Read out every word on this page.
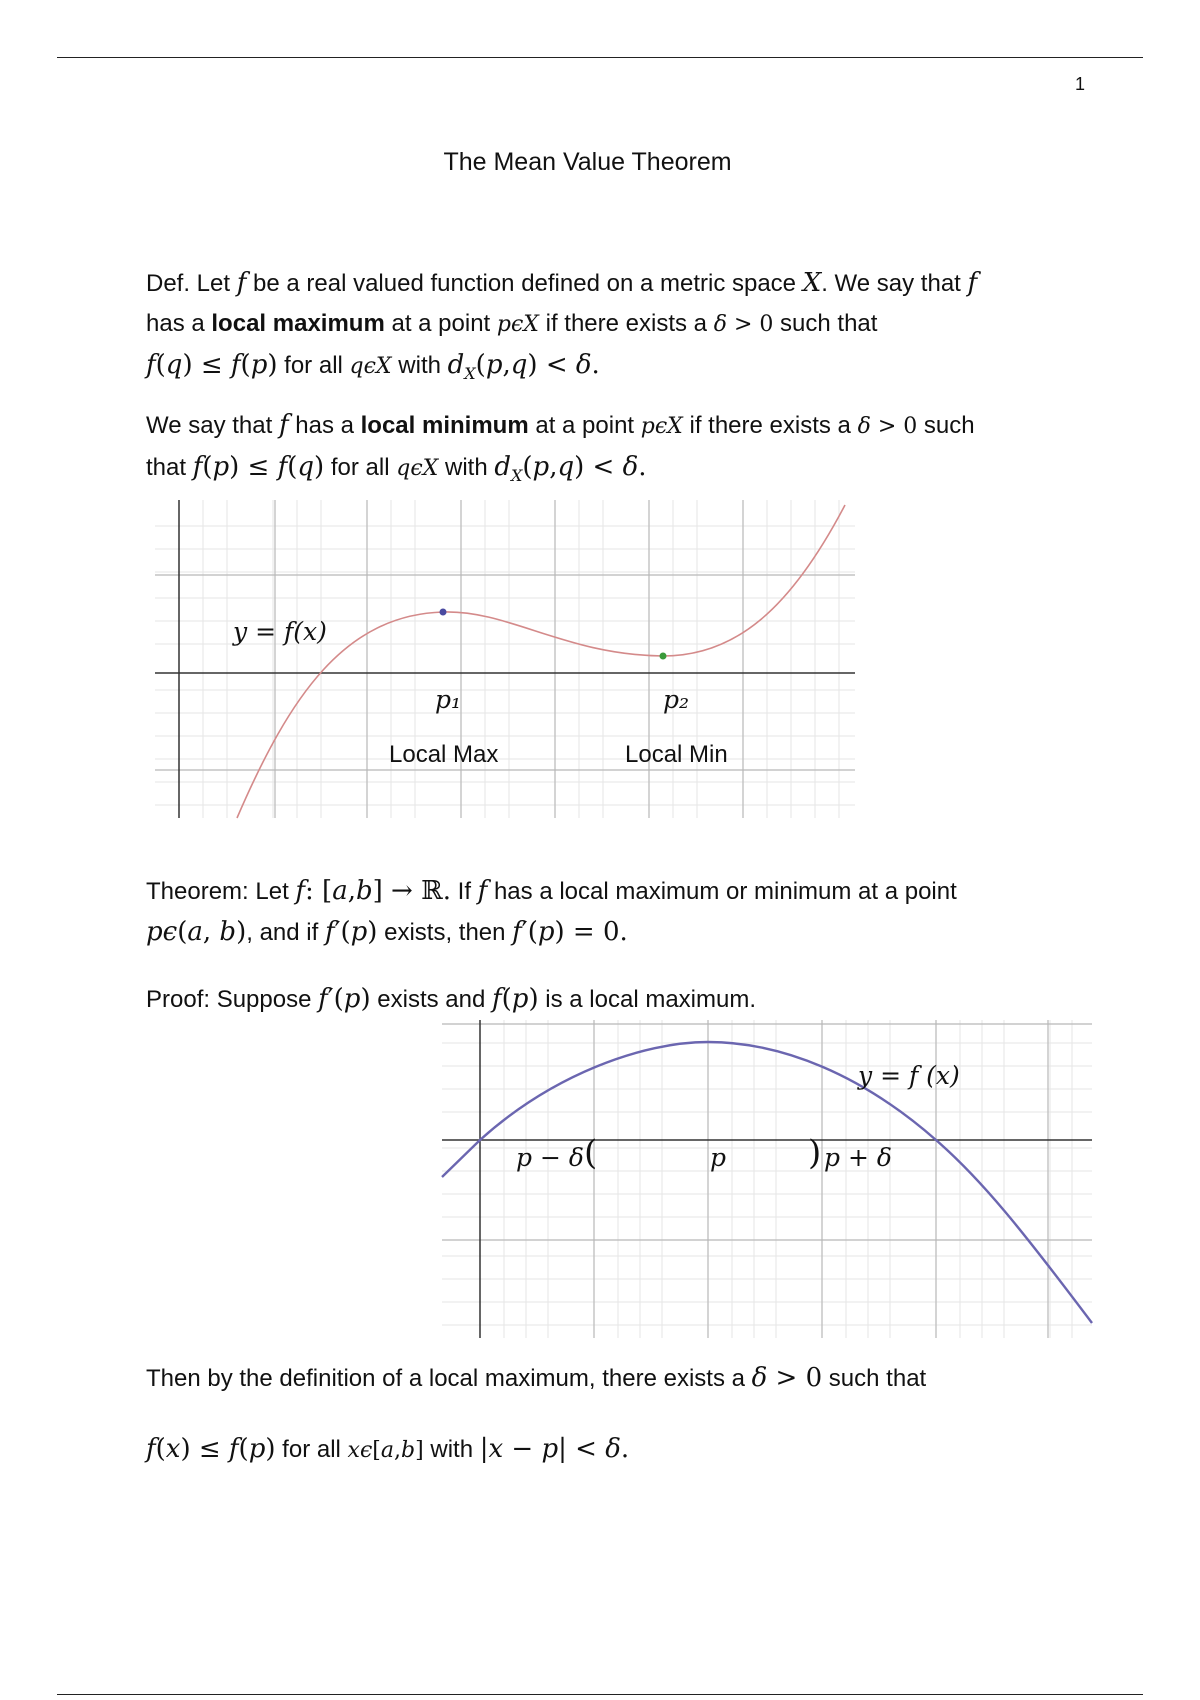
1
The Mean Value Theorem

Def. Let f be a real valued function defined on a metric space X. We say that f
has a local maximum at a point pϵX if there exists a δ > 0 such that
f(q) ≤ f(p) for all qϵX with $d_X(p,q) < \delta$.

We say that f has a local minimum at a point pϵX if there exists a δ > 0 such
that f(p) ≤ f(q) for all qϵX with $d_X(p,q) < \delta$.

y = f(x)
p₁	p₂
Local Max	Local Min

Theorem: Let f: [a,b] → ℝ. If f has a local maximum or minimum at a point
pϵ(a, b), and if f′(p) exists, then f′(p) = 0.

Proof: Suppose f′(p) exists and f(p) is a local maximum.

(	)
p − δ	p	p + δ
y = f (x)

Then by the definition of a local maximum, there exists a δ > 0 such that
f(x) ≤ f(p) for all xϵ[a,b] with |x − p| < δ.
